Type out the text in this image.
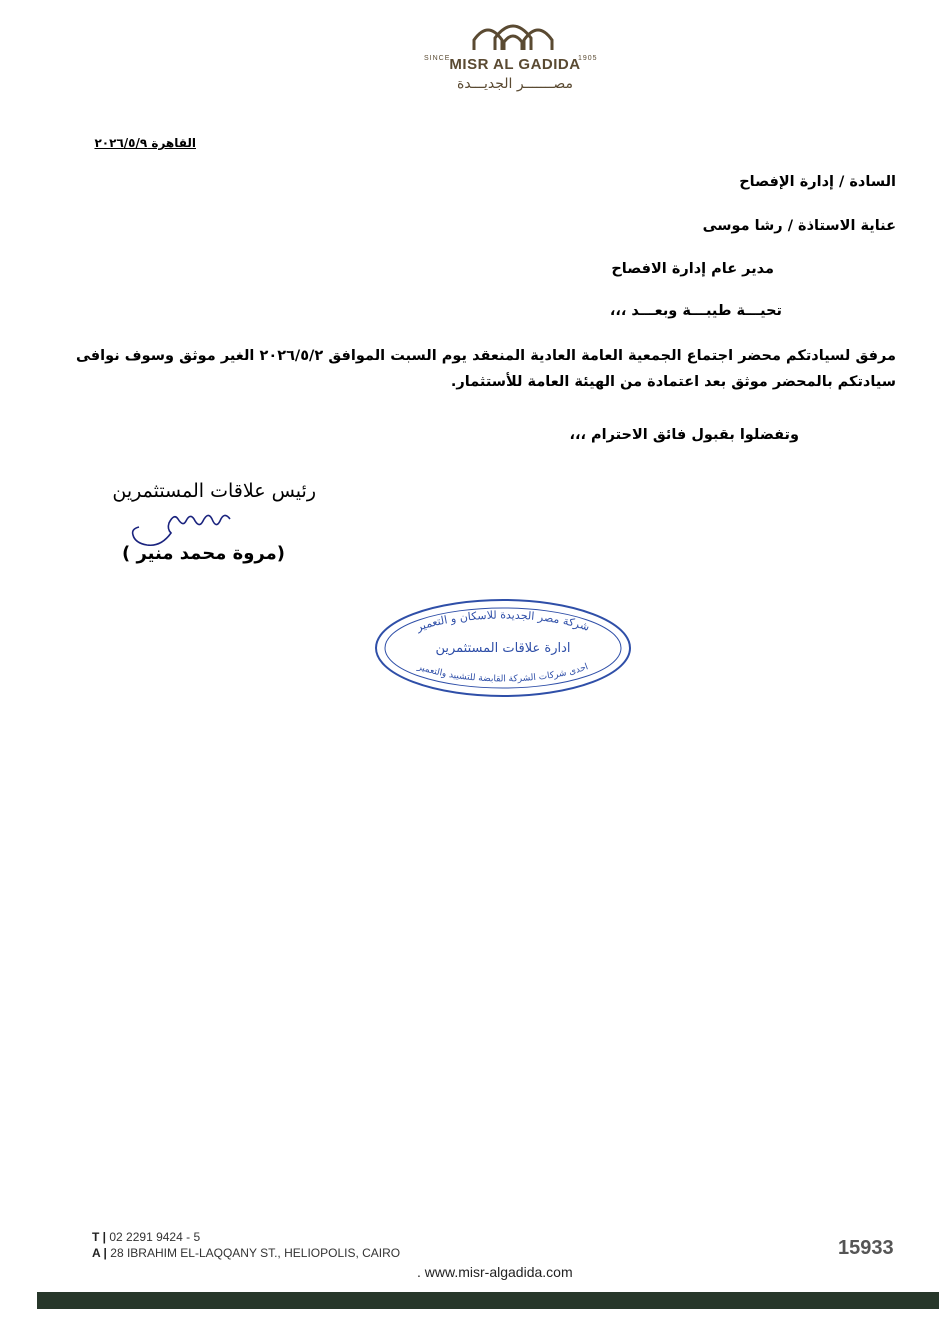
SINCE	1905
MISR AL GADIDA
مصـــــــر الجديـــدة
القاهرة ٢٠٢٦/٥/٩
السادة / إدارة الإفصاح
عناية الاستاذة / رشا موسى
مدير عام إدارة الافصاح
تحيـــة طيبـــة وبعـــد ،،،
مرفق لسيادتكم محضر اجتماع الجمعية العامة العادية المنعقد يوم السبت الموافق ٢٠٢٦/٥/٢ الغير موثق وسوف نوافى سيادتكم بالمحضر موثق بعد اعتمادة من الهيئة العامة للأستثمار.
وتفضلوا بقبول فائق الاحترام ،،،
رئيس علاقات المستثمرين
(مروة محمد منير )
شركة مصر الجديدة للاسكان و التعمير
ادارة علاقات المستثمرين
احدى شركات الشركة القابضة للتشييد والتعمير
T | 02 2291 9424 - 5
A | 28 IBRAHIM EL-LAQQANY ST., HELIOPOLIS, CAIRO
. www.misr-algadida.com
15933
